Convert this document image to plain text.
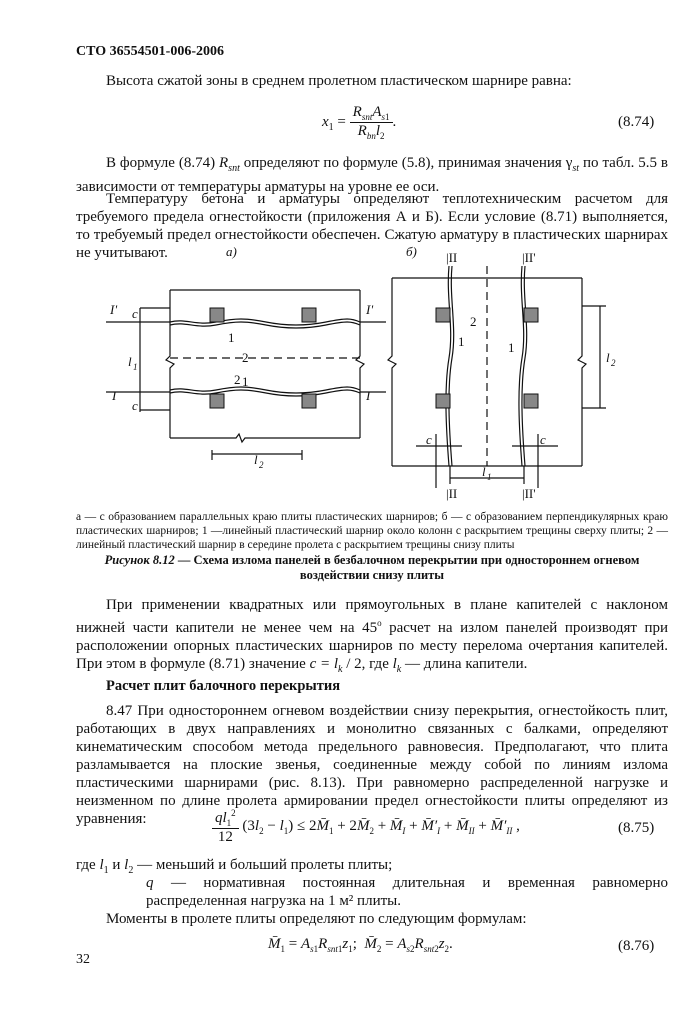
СТО 36554501-006-2006
Высота сжатой зоны в среднем пролетном пластическом шарнире равна:
$x_1 = \frac{R_{snt}A_{s1}}{R_{bn}l_2}$ .	(8.74)
В формуле (8.74) $R_{snt}$ определяют по формуле (5.8), принимая значения $\gamma_{st}$ по табл. 5.5 в зависимости от температуры арматуры на уровне ее оси.
Температуру бетона и арматуры определяют теплотехническим расчетом для требуемого предела огнестойкости (приложения А и Б). Если условие (8.71) выполняется, то требуемый предел огнестойкости обеспечен. Сжатую арматуру в пластических шарнирах не учитывают.	а)	б)
I'	I'
I	I
c
c
l 1
l 2
1
2
2 1
|II	|II'
|II	|II'
2
1	1
c	c
l 1
l 2
а — с образованием параллельных краю плиты пластических шарниров; б — с образованием перпендикулярных краю пластических шарниров; 1 —линейный пластический шарнир около колонн с раскрытием трещины сверху плиты; 2 — линейный пластический шарнир в середине пролета с раскрытием трещины снизу плиты
Рисунок 8.12 — Схема излома панелей в безбалочном перекрытии при одностороннем огневом воздействии снизу плиты
При применении квадратных или прямоугольных в плане капителей с наклоном нижней части капители не менее чем на 45$^o$ расчет на излом панелей производят при расположении опорных пластических шарниров по месту перелома очертания капителей. При этом в формуле (8.71) значение $c = l_k / 2$, где $l_k$ — длина капители.
Расчет плит балочного перекрытия
8.47 При одностороннем огневом воздействии снизу перекрытия, огнестойкость плит, работающих в двух направлениях и монолитно связанных с балками, определяют кинематическим способом метода предельного равновесия. Предполагают, что плита разламывается на плоские звенья, соединенные между собой по линиям излома пластическими шарнирами (рис. 8.13). При равномерно распределенной нагрузке и неизменном по длине пролета армировании предел огнестойкости плиты определяют из уравнения:	$\frac{ql_1^2}{12} (3l_2 - l_1)$ ≤ $2M̄_1$ + $2M̄_2$ + $M̄_I$ + $M̄'_I$ + $M̄_{II}$ + $M̄'_{II}$ ,	(8.75)
где $l_1$ и $l_2$ — меньший и больший пролеты плиты;
q — нормативная постоянная длительная и временная равномерно распределенная нагрузка на 1 м² плиты.
Моменты в пролете плиты определяют по следующим формулам:
$M̄_1 = A_{s1}R_{snt1}z_1$;  $M̄_2 = A_{s2}R_{snt2}z_2$.	(8.76)
32
